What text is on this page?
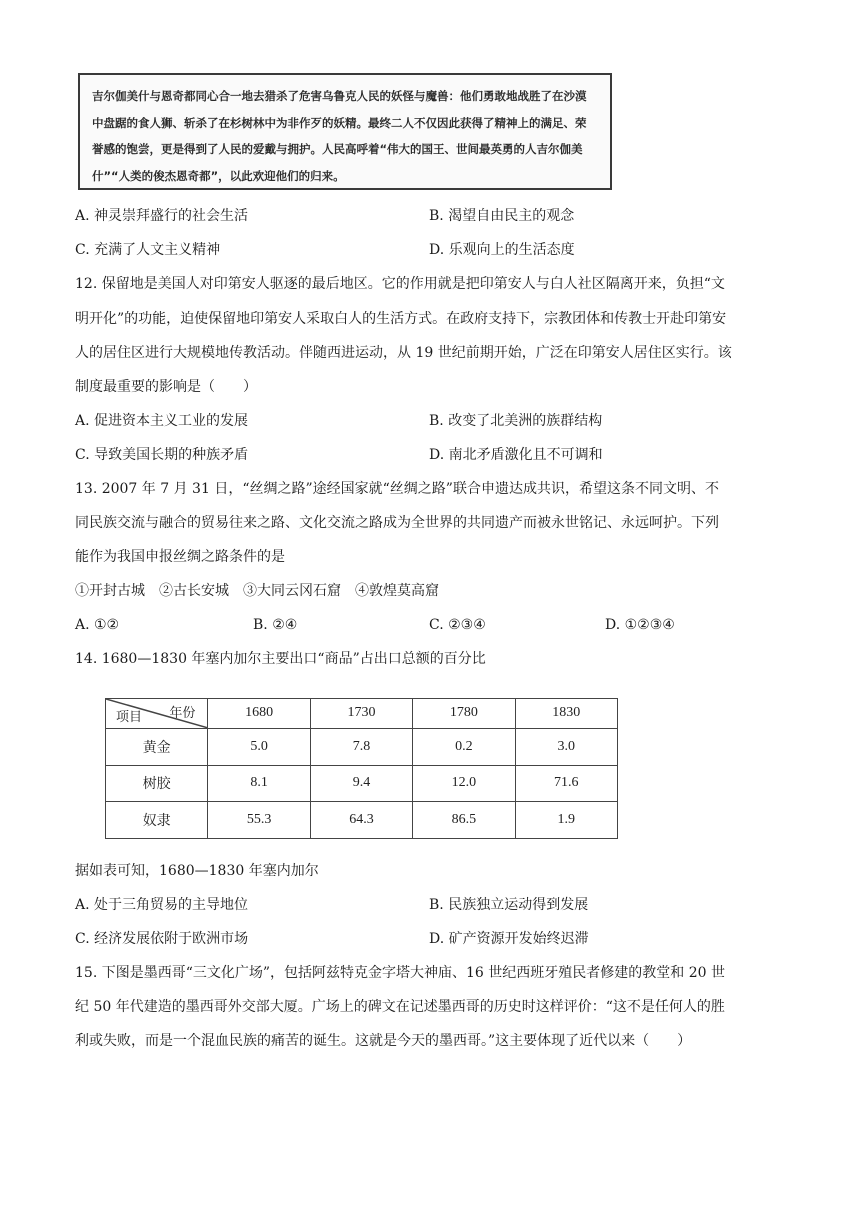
吉尔伽美什与恩奇都同心合一地去猎杀了危害乌鲁克人民的妖怪与魔兽：他们勇敢地战胜了在沙漠
中盘踞的食人狮、斩杀了在杉树林中为非作歹的妖精。最终二人不仅因此获得了精神上的满足、荣
誉感的饱尝，更是得到了人民的爱戴与拥护。人民高呼着“伟大的国王、世间最英勇的人吉尔伽美
什”“人类的俊杰恩奇都”，以此欢迎他们的归来。
A. 神灵崇拜盛行的社会生活	B. 渴望自由民主的观念
C. 充满了人文主义精神	D. 乐观向上的生活态度
12. 保留地是美国人对印第安人驱逐的最后地区。它的作用就是把印第安人与白人社区隔离开来，负担“文
明开化”的功能，迫使保留地印第安人采取白人的生活方式。在政府支持下，宗教团体和传教士开赴印第安
人的居住区进行大规模地传教活动。伴随西进运动，从 19 世纪前期开始，广泛在印第安人居住区实行。该
制度最重要的影响是（　　）
A. 促进资本主义工业的发展	B. 改变了北美洲的族群结构
C. 导致美国长期的种族矛盾	D. 南北矛盾激化且不可调和
13. 2007 年 7 月 31 日，“丝绸之路”途经国家就“丝绸之路”联合申遗达成共识，希望这条不同文明、不
同民族交流与融合的贸易往来之路、文化交流之路成为全世界的共同遗产而被永世铭记、永远呵护。下列
能作为我国申报丝绸之路条件的是
①开封古城　②古长安城　③大同云冈石窟　④敦煌莫高窟
A. ①②	B. ②④	C. ②③④	D. ①②③④
14. 1680—1830 年塞内加尔主要出口“商品”占出口总额的百分比
项目 年份	1680	1730	1780	1830
黄金	5.0	7.8	0.2	3.0
树胶	8.1	9.4	12.0	71.6
奴隶	55.3	64.3	86.5	1.9
据如表可知，1680—1830 年塞内加尔
A. 处于三角贸易的主导地位	B. 民族独立运动得到发展
C. 经济发展依附于欧洲市场	D. 矿产资源开发始终迟滞
15. 下图是墨西哥“三文化广场”，包括阿兹特克金字塔大神庙、16 世纪西班牙殖民者修建的教堂和 20 世
纪 50 年代建造的墨西哥外交部大厦。广场上的碑文在记述墨西哥的历史时这样评价：“这不是任何人的胜
利或失败，而是一个混血民族的痛苦的诞生。这就是今天的墨西哥。”这主要体现了近代以来（　　）
